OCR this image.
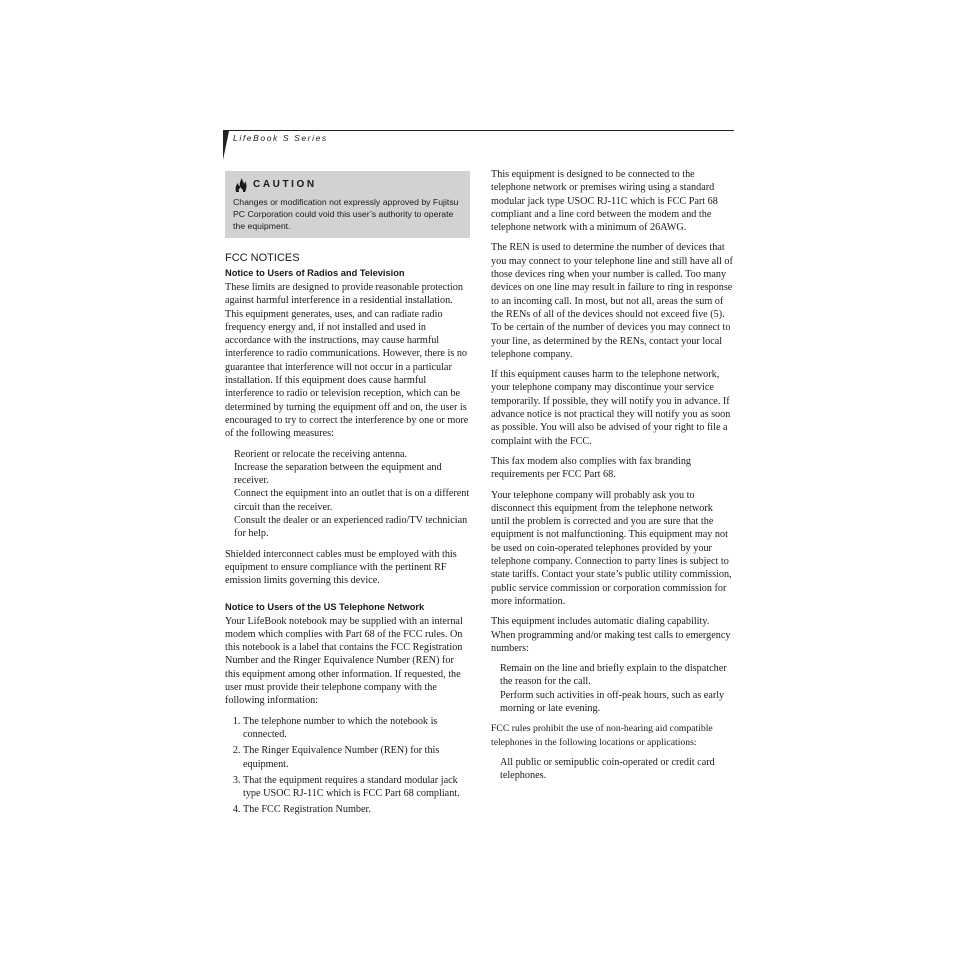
LifeBook S Series
CAUTION
Changes or modification not expressly approved by Fujitsu PC Corporation could void this user’s authority to operate the equipment.
FCC NOTICES
Notice to Users of Radios and Television

These limits are designed to provide reasonable protection against harmful interference in a residential installation. This equipment generates, uses, and can radiate radio frequency energy and, if not installed and used in accordance with the instructions, may cause harmful interference to radio communications. However, there is no guarantee that interference will not occur in a particular installation. If this equipment does cause harmful interference to radio or television reception, which can be determined by turning the equipment off and on, the user is encouraged to try to correct the interference by one or more of the following measures:

Reorient or relocate the receiving antenna.
Increase the separation between the equipment and receiver.
Connect the equipment into an outlet that is on a different circuit than the receiver.
Consult the dealer or an experienced radio/TV technician for help.

Shielded interconnect cables must be employed with this equipment to ensure compliance with the pertinent RF emission limits governing this device.

Notice to Users of the US Telephone Network

Your LifeBook notebook may be supplied with an internal modem which complies with Part 68 of the FCC rules. On this notebook is a label that contains the FCC Registration Number and the Ringer Equivalence Number (REN) for this equipment among other information. If requested, the user must provide their telephone company with the following information:

1. The telephone number to which the notebook is connected.
2. The Ringer Equivalence Number (REN) for this equipment.
3. That the equipment requires a standard modular jack type USOC RJ-11C which is FCC Part 68 compliant.
4. The FCC Registration Number.

This equipment is designed to be connected to the telephone network or premises wiring using a standard modular jack type USOC RJ-11C which is FCC Part 68 compliant and a line cord between the modem and the telephone network with a minimum of 26AWG.

The REN is used to determine the number of devices that you may connect to your telephone line and still have all of those devices ring when your number is called. Too many devices on one line may result in failure to ring in response to an incoming call. In most, but not all, areas the sum of the RENs of all of the devices should not exceed five (5). To be certain of the number of devices you may connect to your line, as determined by the RENs, contact your local telephone company.

If this equipment causes harm to the telephone network, your telephone company may discontinue your service temporarily. If possible, they will notify you in advance. If advance notice is not practical they will notify you as soon as possible. You will also be advised of your right to file a complaint with the FCC.

This fax modem also complies with fax branding requirements per FCC Part 68.

Your telephone company will probably ask you to disconnect this equipment from the telephone network until the problem is corrected and you are sure that the equipment is not malfunctioning. This equipment may not be used on coin-operated telephones provided by your telephone company. Connection to party lines is subject to state tariffs. Contact your state’s public utility commission, public service commission or corporation commission for more information.

This equipment includes automatic dialing capability. When programming and/or making test calls to emergency numbers:

Remain on the line and briefly explain to the dispatcher the reason for the call.
Perform such activities in off-peak hours, such as early morning or late evening.

FCC rules prohibit the use of non-hearing aid compatible telephones in the following locations or applications:

All public or semipublic coin-operated or credit card telephones.
